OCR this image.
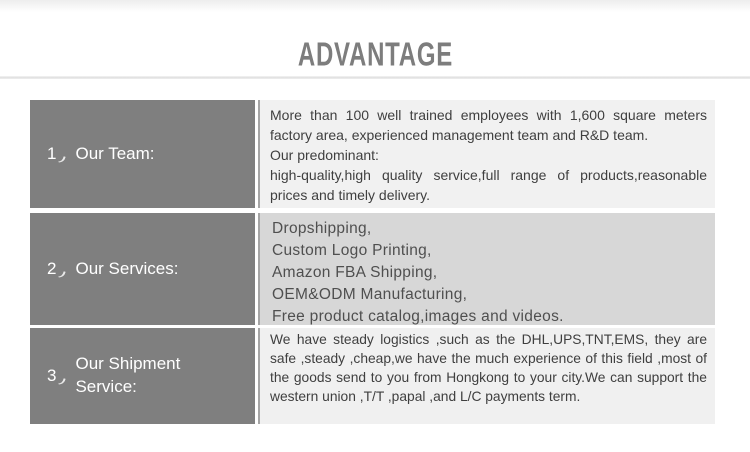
ADVANTAGE
1 Our Team:
More than 100 well trained employees with 1,600 square meters factory area, experienced management team and R&D team.
Our predominant:
high-quality,high quality service,full range of products,reasonable prices and timely delivery.
2 Our Services:
Dropshipping,
Custom Logo Printing,
Amazon FBA Shipping,
OEM&ODM Manufacturing,
Free product catalog,images and videos.
3
Our Shipment Service:
We have steady logistics ,such as the DHL,UPS,TNT,EMS, they are safe ,steady ,cheap,we have the much experience of this field ,most of the goods send to you from Hongkong to your city.We can support the western union ,T/T ,papal ,and L/C payments term.
